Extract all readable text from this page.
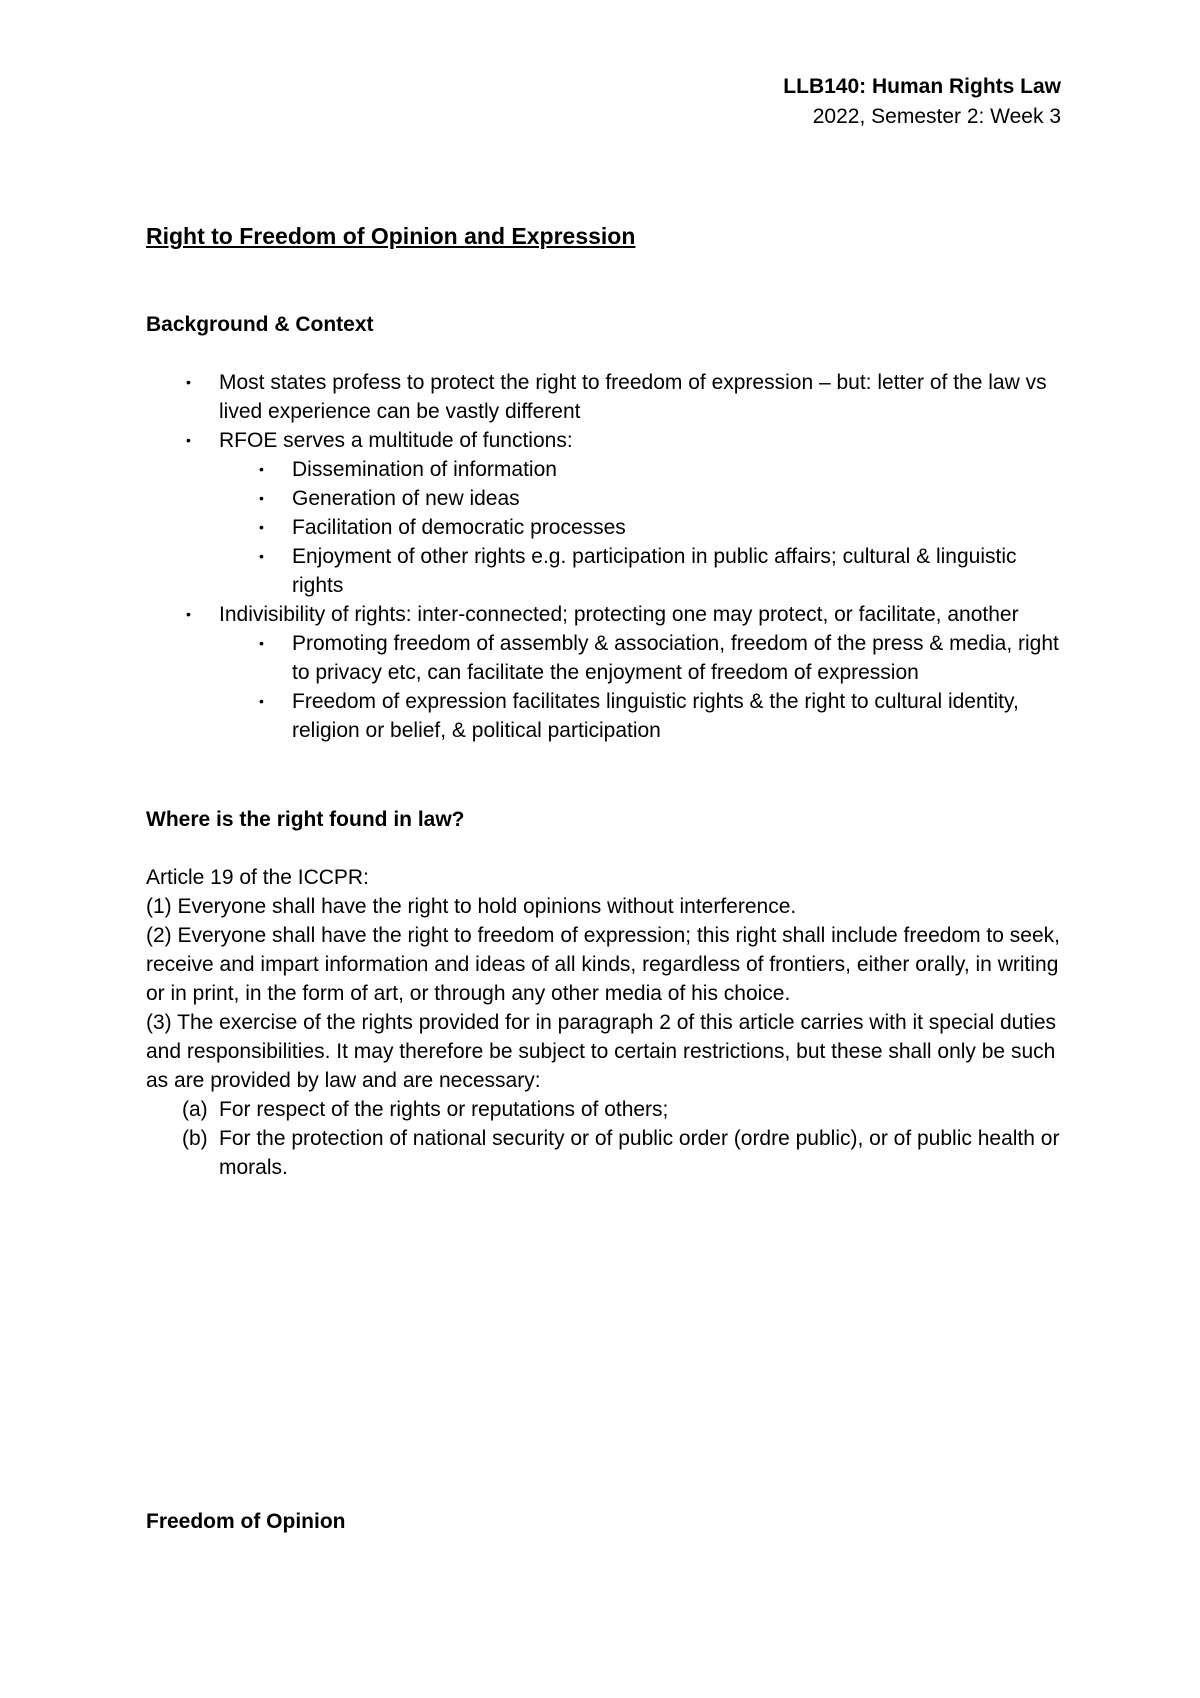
LLB140: Human Rights Law
2022, Semester 2: Week 3
Right to Freedom of Opinion and Expression

Background & Context

• Most states profess to protect the right to freedom of expression – but: letter of the law vs lived experience can be vastly different
• RFOE serves a multitude of functions:
• Dissemination of information
• Generation of new ideas
• Facilitation of democratic processes
• Enjoyment of other rights e.g. participation in public affairs; cultural & linguistic rights
• Indivisibility of rights: inter-connected; protecting one may protect, or facilitate, another
• Promoting freedom of assembly & association, freedom of the press & media, right to privacy etc, can facilitate the enjoyment of freedom of expression
• Freedom of expression facilitates linguistic rights & the right to cultural identity, religion or belief, & political participation

Where is the right found in law?

Article 19 of the ICCPR:

(1) Everyone shall have the right to hold opinions without interference.

(2) Everyone shall have the right to freedom of expression; this right shall include freedom to seek, receive and impart information and ideas of all kinds, regardless of frontiers, either orally, in writing or in print, in the form of art, or through any other media of his choice.

(3) The exercise of the rights provided for in paragraph 2 of this article carries with it special duties and responsibilities. It may therefore be subject to certain restrictions, but these shall only be such as are provided by law and are necessary:

(a) For respect of the rights or reputations of others;
(b) For the protection of national security or of public order (ordre public), or of public health or morals.

Freedom of Opinion
